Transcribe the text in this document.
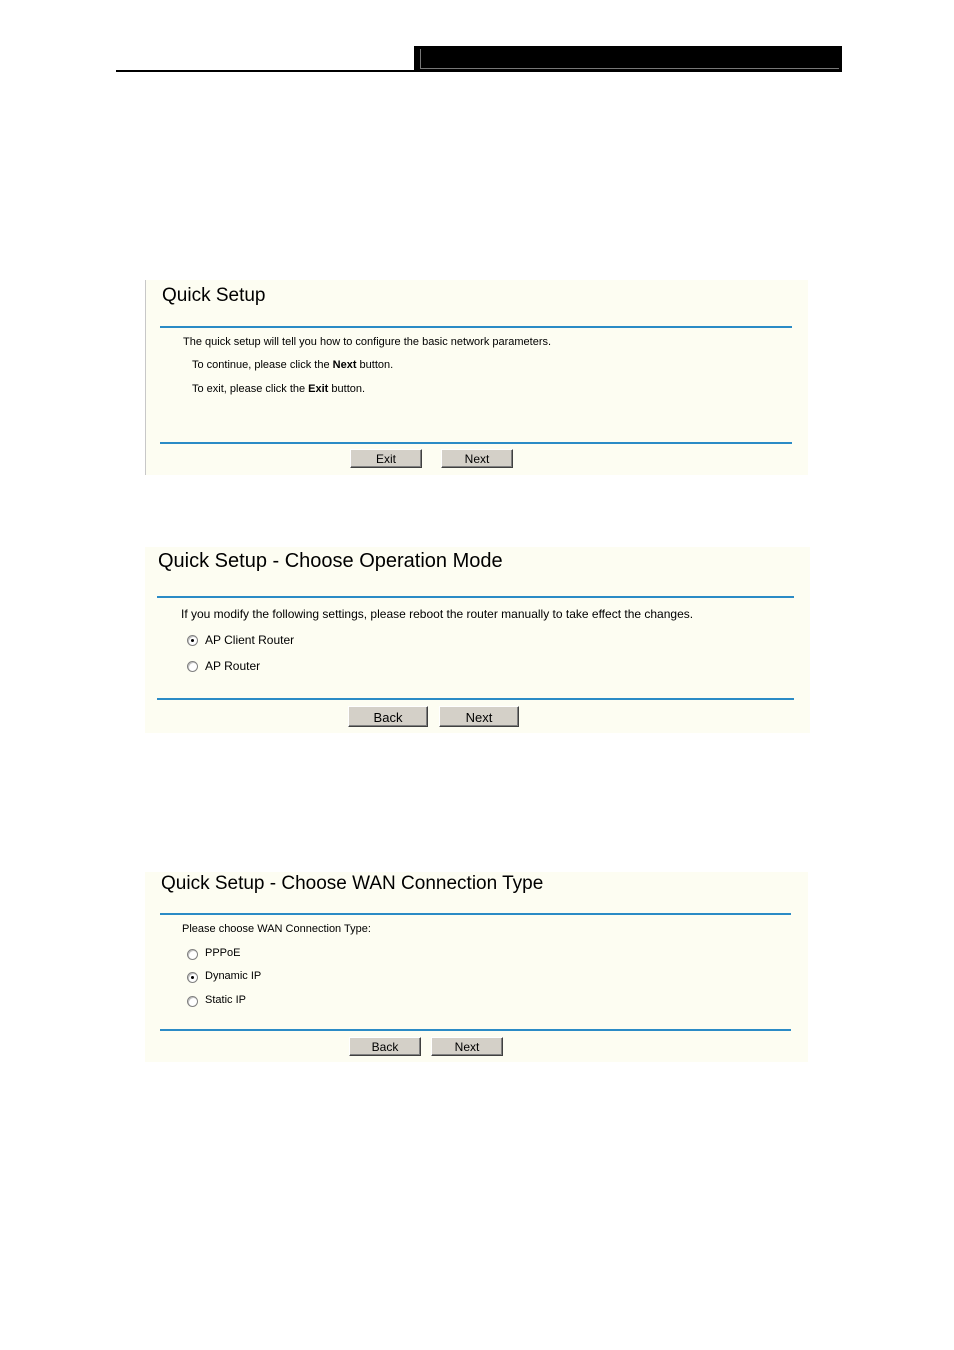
Quick Setup
The quick setup will tell you how to configure the basic network parameters.
To continue, please click the Next button.
To exit, please click the Exit button.
Exit	Next
Quick Setup - Choose Operation Mode
If you modify the following settings, please reboot the router manually to take effect the changes.
AP Client Router
AP Router
Back	Next
Quick Setup - Choose WAN Connection Type
Please choose WAN Connection Type:
PPPoE
Dynamic IP
Static IP
Back	Next
